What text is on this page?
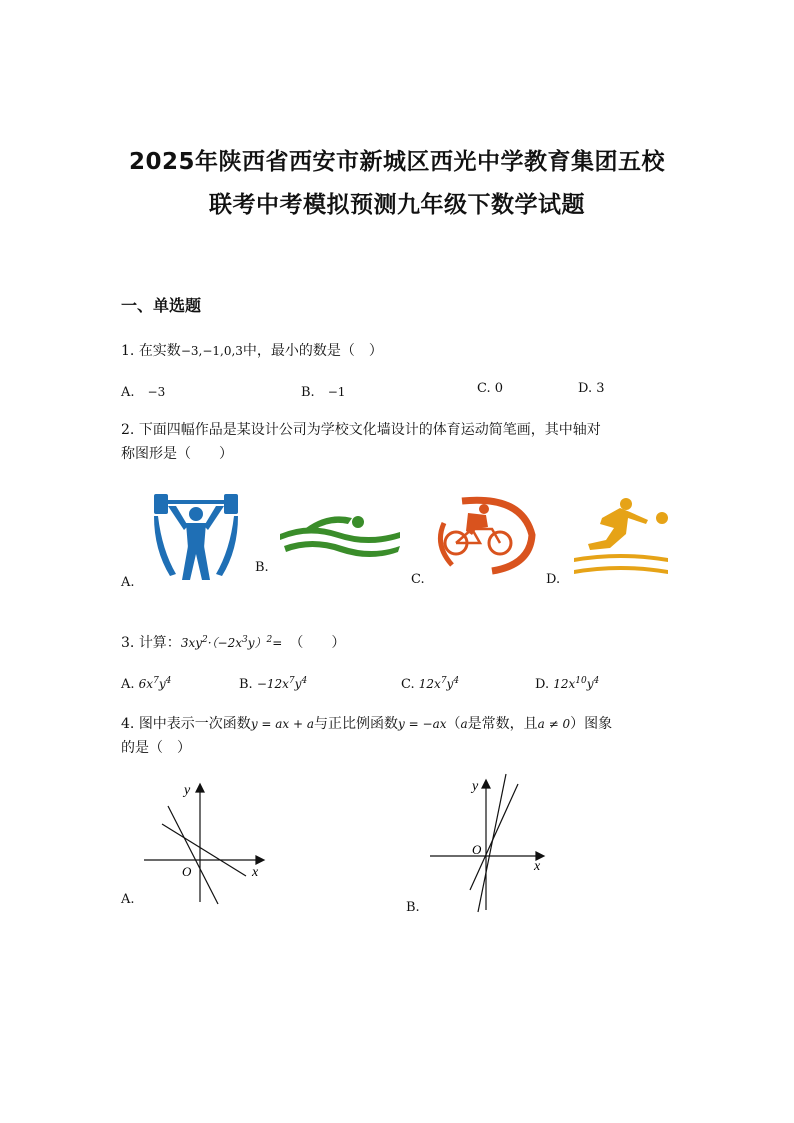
2025年陕西省西安市新城区西光中学教育集团五校
联考中考模拟预测九年级下数学试题
一、单选题
1. 在实数−3,−1,0,3中，最小的数是（　）
A.　 −3	B.　 −1	C. 0	D. 3
2. 下面四幅作品是某设计公司为学校文化墙设计的体育运动简笔画，其中轴对
称图形是（　　）
A.
B.
C.	D.
3. 计算：$3xy^2\cdot(-2x^3y)^2=$　 （　　）
A. $6x^7y^4$	B. $-12x^7y^4$	C. $12x^7y^4$	D. $12x^{10}y^4$
4. 图中表示一次函数y = ax + a与正比例函数y = −ax（a是常数，且a ≠ 0）图象
的是（　）
A.
x
y
O
B.
x
y
O
